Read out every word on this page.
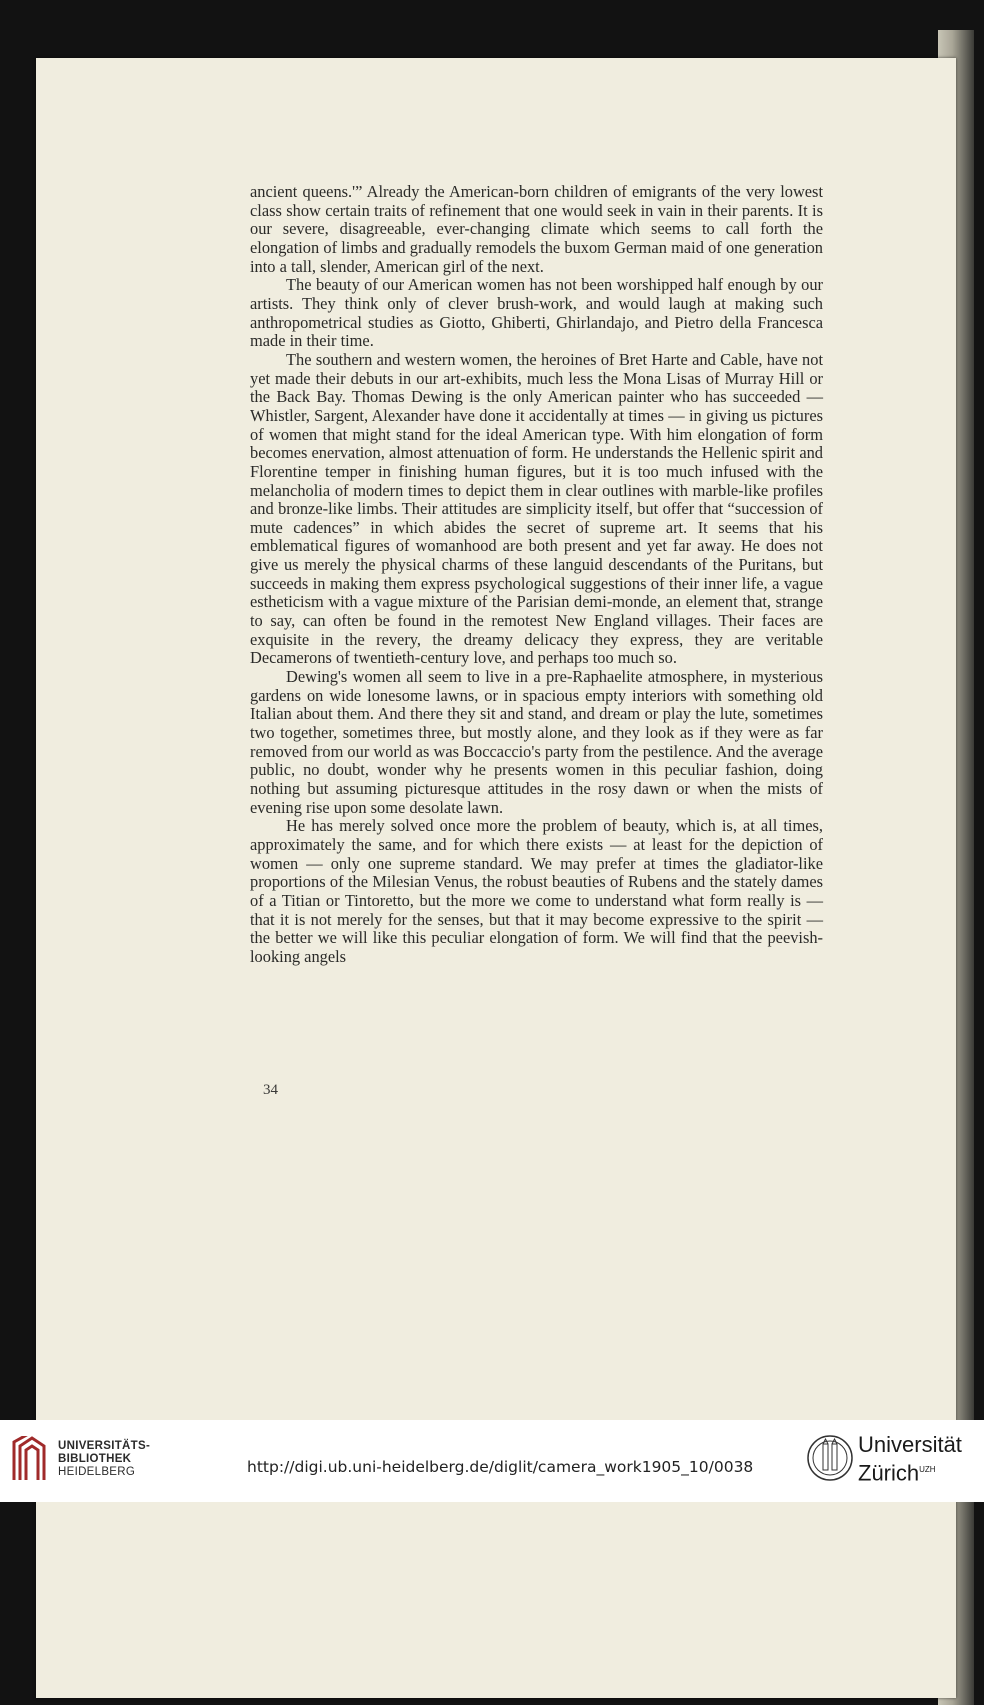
ancient queens.'” Already the American-born children of emigrants of the very lowest class show certain traits of refinement that one would seek in vain in their parents. It is our severe, disagreeable, ever-changing climate which seems to call forth the elongation of limbs and gradually remodels the buxom German maid of one generation into a tall, slender, American girl of the next.

The beauty of our American women has not been worshipped half enough by our artists. They think only of clever brush-work, and would laugh at making such anthropometrical studies as Giotto, Ghiberti, Ghirlandajo, and Pietro della Francesca made in their time.

The southern and western women, the heroines of Bret Harte and Cable, have not yet made their debuts in our art-exhibits, much less the Mona Lisas of Murray Hill or the Back Bay. Thomas Dewing is the only American painter who has succeeded — Whistler, Sargent, Alexander have done it accidentally at times — in giving us pictures of women that might stand for the ideal American type. With him elongation of form becomes enervation, almost attenuation of form. He understands the Hellenic spirit and Florentine temper in finishing human figures, but it is too much infused with the melancholia of modern times to depict them in clear outlines with marble-like profiles and bronze-like limbs. Their attitudes are simplicity itself, but offer that “succession of mute cadences” in which abides the secret of supreme art. It seems that his emblematical figures of womanhood are both present and yet far away. He does not give us merely the physical charms of these languid descendants of the Puritans, but succeeds in making them express psychological suggestions of their inner life, a vague estheticism with a vague mixture of the Parisian demi-monde, an element that, strange to say, can often be found in the remotest New England villages. Their faces are exquisite in the revery, the dreamy delicacy they express, they are veritable Decamerons of twentieth-century love, and perhaps too much so.

Dewing's women all seem to live in a pre-Raphaelite atmosphere, in mysterious gardens on wide lonesome lawns, or in spacious empty interiors with something old Italian about them. And there they sit and stand, and dream or play the lute, sometimes two together, sometimes three, but mostly alone, and they look as if they were as far removed from our world as was Boccaccio's party from the pestilence. And the average public, no doubt, wonder why he presents women in this peculiar fashion, doing nothing but assuming picturesque attitudes in the rosy dawn or when the mists of evening rise upon some desolate lawn.

He has merely solved once more the problem of beauty, which is, at all times, approximately the same, and for which there exists — at least for the depiction of women — only one supreme standard. We may prefer at times the gladiator-like proportions of the Milesian Venus, the robust beauties of Rubens and the stately dames of a Titian or Tintoretto, but the more we come to understand what form really is — that it is not merely for the senses, but that it may become expressive to the spirit — the better we will like this peculiar elongation of form. We will find that the peevish-looking angels

34
UNIVERSITÄTS-
BIBLIOTHEK
HEIDELBERG	http://digi.ub.uni-heidelberg.de/diglit/camera_work1905_10/0038
Universität
Zürich$^{UZH}$
